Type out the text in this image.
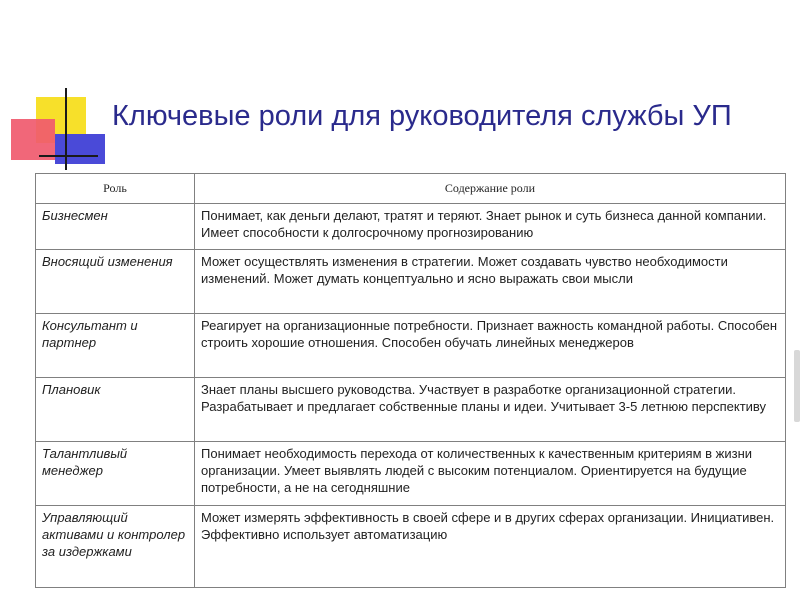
Ключевые роли для руководителя службы УП
Роль	Содержание роли
Бизнесмен	Понимает, как деньги делают, тратят и теряют. Знает рынок и суть бизнеса данной компании. Имеет способности к долгосрочному прогнозированию
Вносящий изменения	Может осуществлять изменения в стратегии. Может создавать чувство необходимости изменений. Может думать концептуально и ясно выражать свои мысли
Консультант и партнер	Реагирует на организационные потребности. Признает важность командной работы. Способен строить хорошие отношения. Способен обучать линейных менеджеров
Плановик	Знает планы высшего руководства. Участвует в разработке организационной стратегии. Разрабатывает и предлагает собственные планы и идеи. Учитывает 3-5 летнюю перспективу
Талантливый менеджер	Понимает необходимость перехода от количественных к качественным критериям в жизни организации. Умеет выявлять людей с высоким потенциалом. Ориентируется на будущие потребности, а не на сегодняшние
Управляющий активами и контролер за издержками	Может измерять эффективность в своей сфере и в других сферах организации. Инициативен. Эффективно использует автоматизацию
